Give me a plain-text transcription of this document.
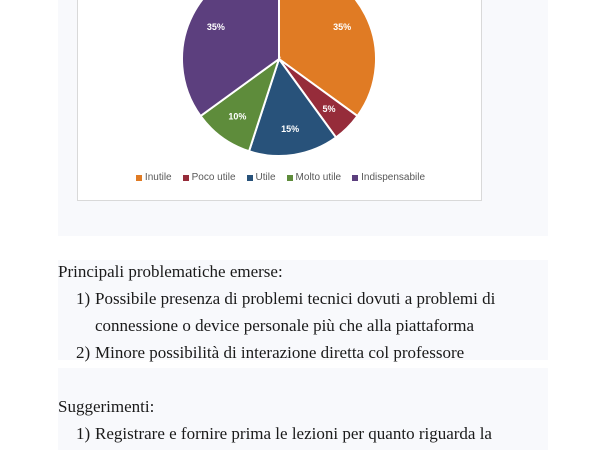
35%
5%
15%
10%
35%
Inutile Poco utile Utile Molto utile Indispensabile
Principali problematiche emerse:
1) Possibile presenza di problemi tecnici dovuti a problemi di
connessione o device personale più che alla piattaforma
2) Minore possibilità di interazione diretta col professore
Suggerimenti:
1) Registrare e fornire prima le lezioni per quanto riguarda la
